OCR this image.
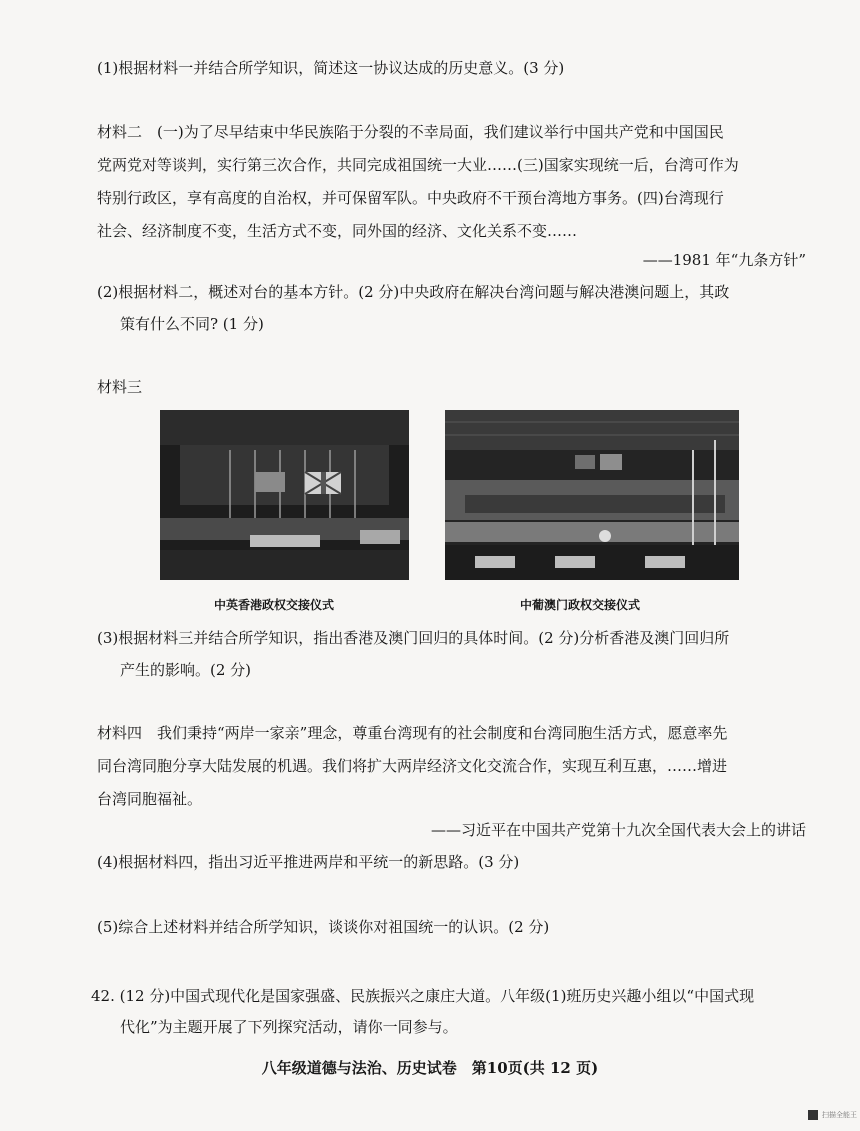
(1)根据材料一并结合所学知识，简述这一协议达成的历史意义。(3 分)
材料二　(一)为了尽早结束中华民族陷于分裂的不幸局面，我们建议举行中国共产党和中国国民
党两党对等谈判，实行第三次合作，共同完成祖国统一大业……(三)国家实现统一后，台湾可作为
特别行政区，享有高度的自治权，并可保留军队。中央政府不干预台湾地方事务。(四)台湾现行
社会、经济制度不变，生活方式不变，同外国的经济、文化关系不变……
——1981 年“九条方针”
(2)根据材料二，概述对台的基本方针。(2 分)中央政府在解决台湾问题与解决港澳问题上，其政
策有什么不同? (1 分)
材料三
中英香港政权交接仪式	中葡澳门政权交接仪式
(3)根据材料三并结合所学知识，指出香港及澳门回归的具体时间。(2 分)分析香港及澳门回归所
产生的影响。(2 分)
材料四　我们秉持“两岸一家亲”理念，尊重台湾现有的社会制度和台湾同胞生活方式，愿意率先
同台湾同胞分享大陆发展的机遇。我们将扩大两岸经济文化交流合作，实现互利互惠，……增进
台湾同胞福祉。
——习近平在中国共产党第十九次全国代表大会上的讲话
(4)根据材料四，指出习近平推进两岸和平统一的新思路。(3 分)
(5)综合上述材料并结合所学知识，谈谈你对祖国统一的认识。(2 分)
42. (12 分)中国式现代化是国家强盛、民族振兴之康庄大道。八年级(1)班历史兴趣小组以“中国式现
代化”为主题开展了下列探究活动，请你一同参与。
八年级道德与法治、历史试卷　第10页(共 12 页)
扫描全能王
